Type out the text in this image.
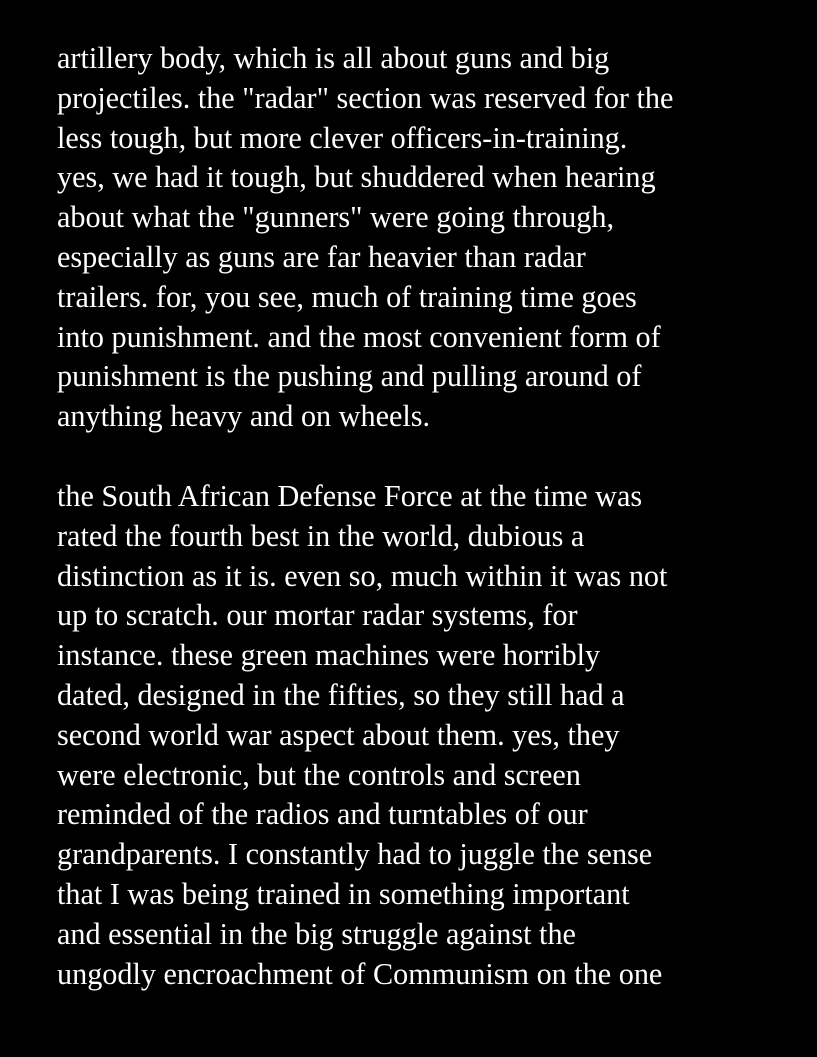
artillery body, which is all about guns and big
projectiles. the "radar" section was reserved for the
less tough, but more clever officers-in-training.
yes, we had it tough, but shuddered when hearing
about what the "gunners" were going through,
especially as guns are far heavier than radar
trailers. for, you see, much of training time goes
into punishment. and the most convenient form of
punishment is the pushing and pulling around of
anything heavy and on wheels.
the South African Defense Force at the time was
rated the fourth best in the world, dubious a
distinction as it is. even so, much within it was not
up to scratch. our mortar radar systems, for
instance. these green machines were horribly
dated, designed in the fifties, so they still had a
second world war aspect about them. yes, they
were electronic, but the controls and screen
reminded of the radios and turntables of our
grandparents. I constantly had to juggle the sense
that I was being trained in something important
and essential in the big struggle against the
ungodly encroachment of Communism on the one
